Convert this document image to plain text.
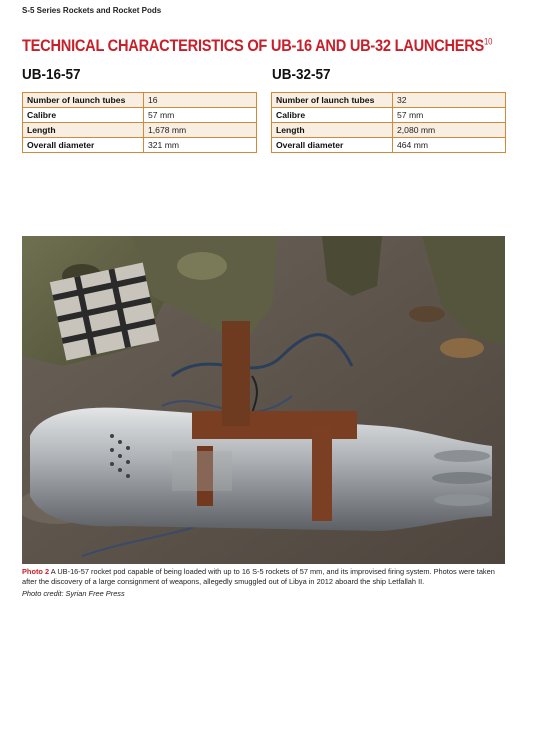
S-5 Series Rockets and Rocket Pods
TECHNICAL CHARACTERISTICS OF UB-16 AND UB-32 LAUNCHERS$^{10}$
UB-16-57	UB-32-57
Number of launch tubes	16
Calibre	57 mm
Length	1,678 mm
Overall diameter	321 mm
Number of launch tubes	32
Calibre	57 mm
Length	2,080 mm
Overall diameter	464 mm
Photo 2 A UB-16-57 rocket pod capable of being loaded with up to 16 S-5 rockets of 57 mm, and its improvised firing system. Photos were taken after the discovery of a large consignment of weapons, allegedly smuggled out of Libya in 2012 aboard the ship Letfallah II.
Photo credit: Syrian Free Press
